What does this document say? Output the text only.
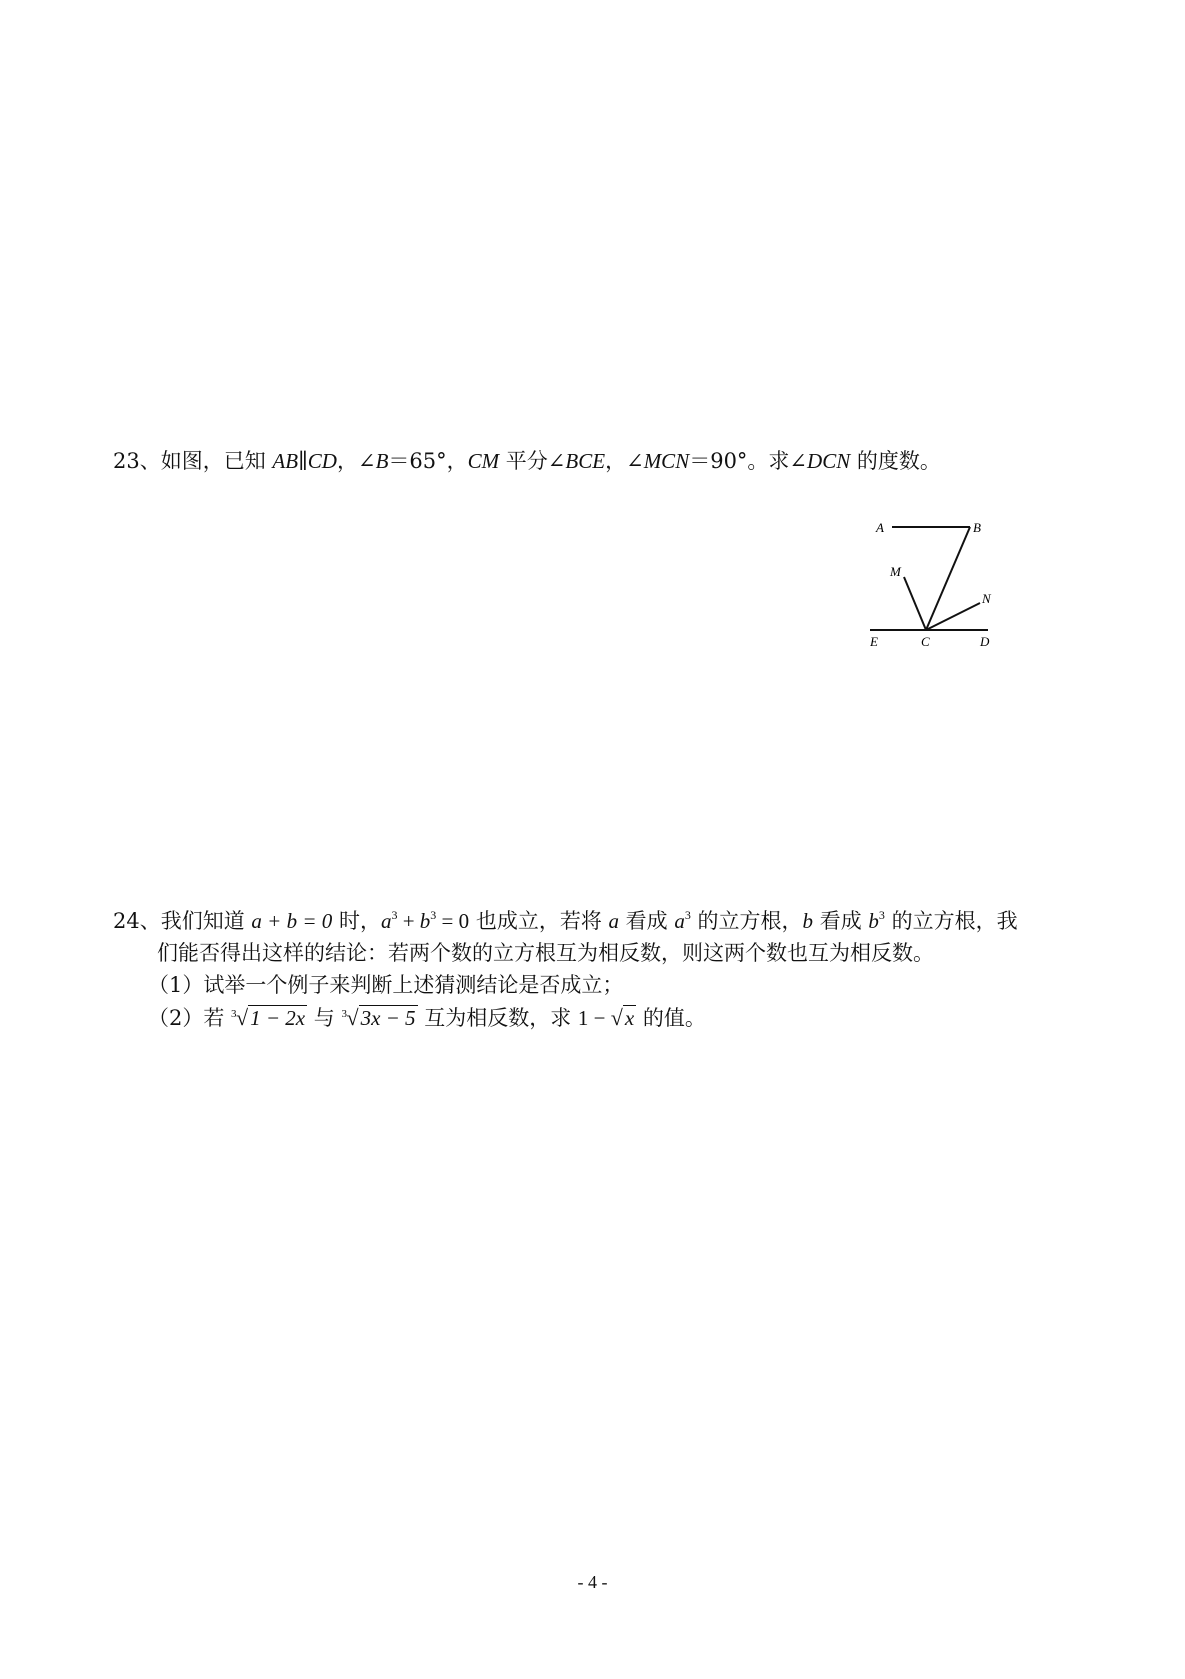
23、如图，已知 AB∥CD，∠B＝65°，CM 平分∠BCE，∠MCN＝90°。求∠DCN 的度数。
A	B
M
N
E	C	D
24、我们知道 a + b = 0 时，$a^3 + b^3 = 0$ 也成立，若将 a 看成 $a^3$ 的立方根，b 看成 $b^3$ 的立方根，我
们能否得出这样的结论：若两个数的立方根互为相反数，则这两个数也互为相反数。
（1）试举一个例子来判断上述猜测结论是否成立；
（2）若 3 √1 − 2x 与 3 √3x − 5 互为相反数，求 1 − √x 的值。
- 4 -
